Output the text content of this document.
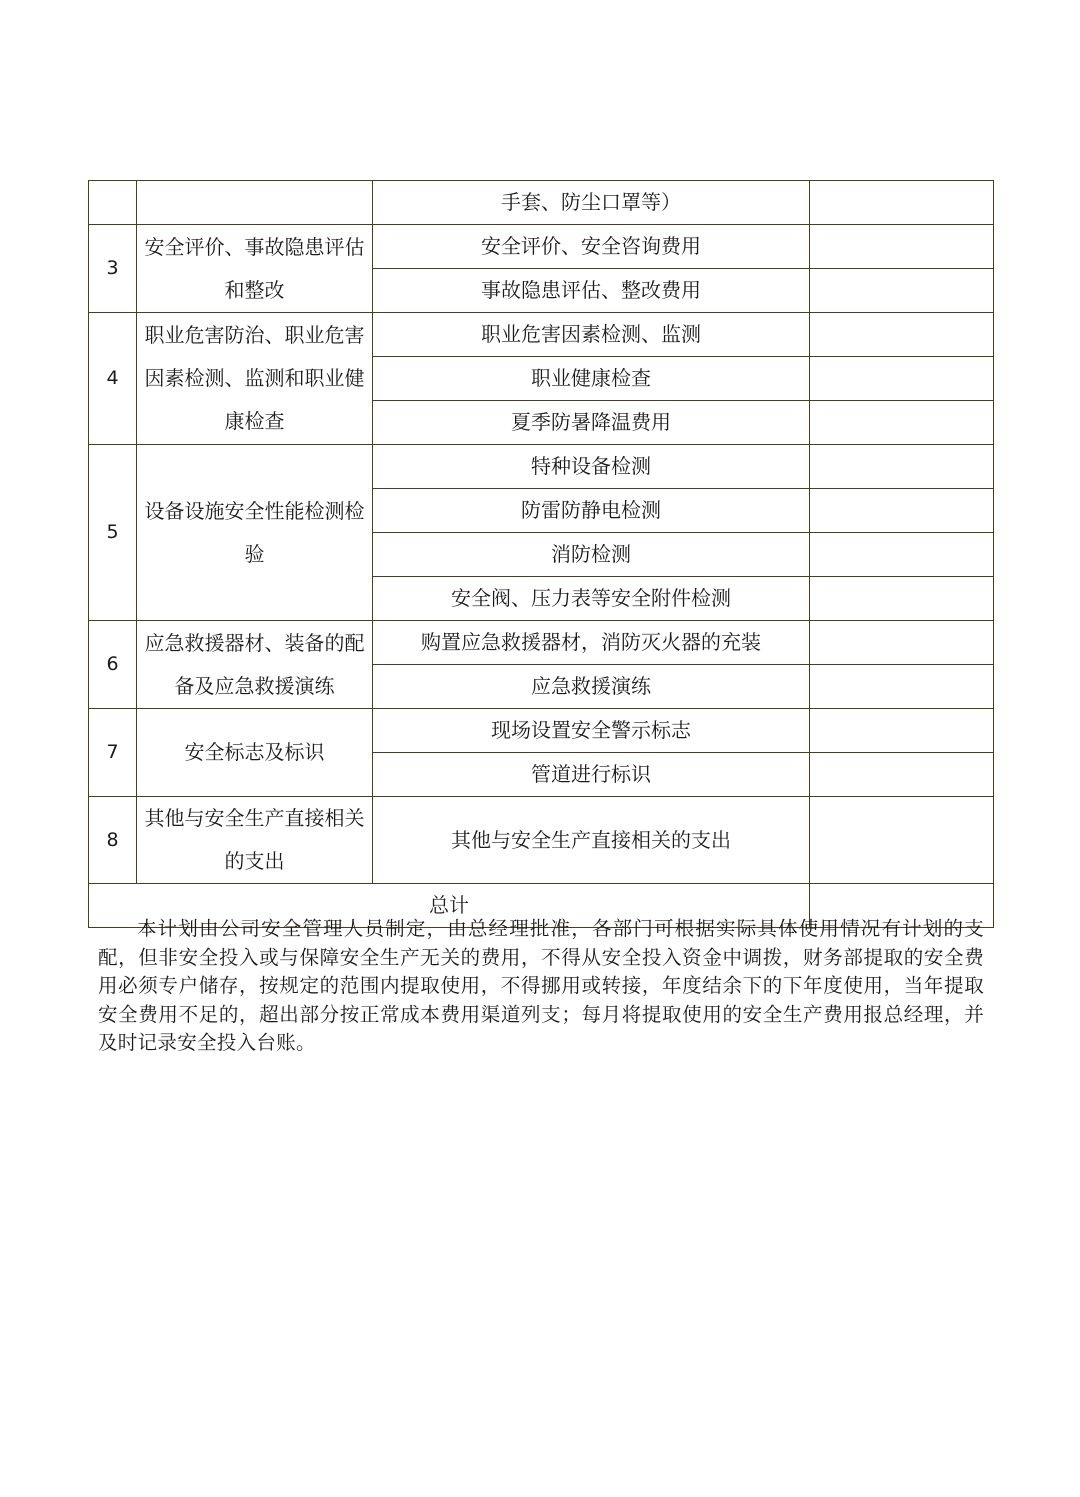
		手套、防尘口罩等）	
3	安全评价、事故隐患评估和整改	安全评价、安全咨询费用	
		事故隐患评估、整改费用	
4	职业危害防治、职业危害因素检测、监测和职业健康检查	职业危害因素检测、监测	
		职业健康检查	
		夏季防暑降温费用	
5	设备设施安全性能检测检验	特种设备检测	
		防雷防静电检测	
		消防检测	
		安全阀、压力表等安全附件检测	
6	应急救援器材、装备的配备及应急救援演练	购置应急救援器材，消防灭火器的充装	
		应急救援演练	
7	安全标志及标识	现场设置安全警示标志	
		管道进行标识	
8	其他与安全生产直接相关的支出	其他与安全生产直接相关的支出	
总计			

本计划由公司安全管理人员制定，由总经理批准，各部门可根据实际具体使用情况有计划的支配，但非安全投入或与保障安全生产无关的费用，不得从安全投入资金中调拨，财务部提取的安全费用必须专户储存，按规定的范围内提取使用，不得挪用或转接，年度结余下的下年度使用，当年提取安全费用不足的，超出部分按正常成本费用渠道列支；每月将提取使用的安全生产费用报总经理，并及时记录安全投入台账。
